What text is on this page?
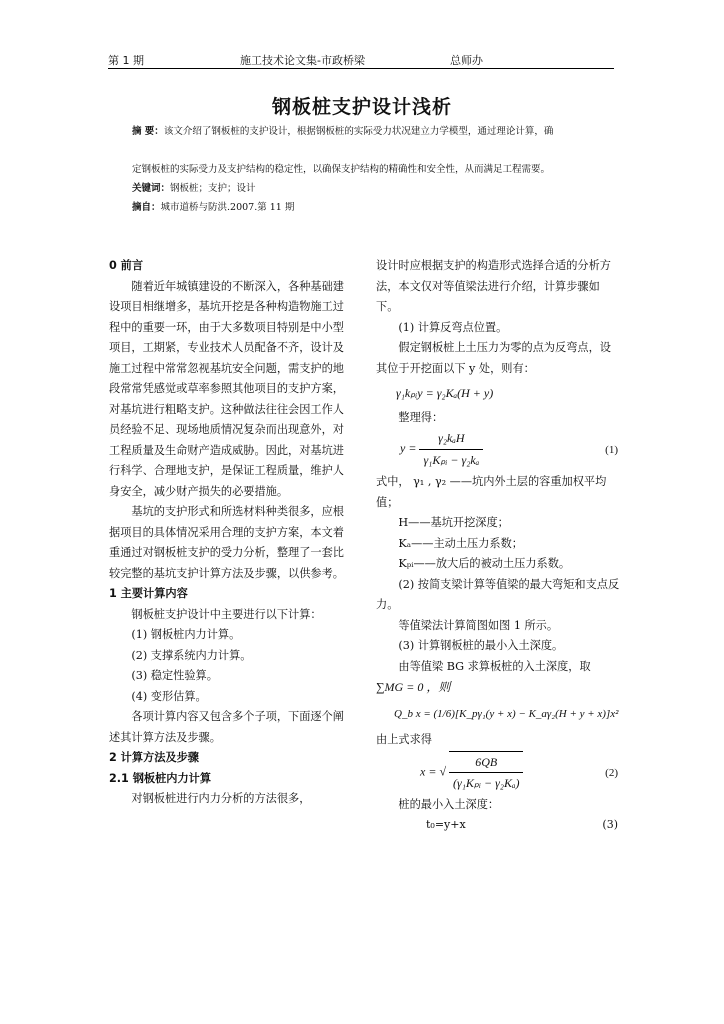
第 1 期	施工技术论文集-市政桥梁	总师办
钢板桩支护设计浅析
摘 要：该文介绍了钢板桩的支护设计，根据钢板桩的实际受力状况建立力学模型，通过理论计算，确
定钢板桩的实际受力及支护结构的稳定性，以确保支护结构的精确性和安全性，从而满足工程需要。
关键词：钢板桩；支护；设计
摘自：城市道桥与防洪.2007.第 11 期

0 前言

随着近年城镇建设的不断深入，各种基础建设项目相继增多，基坑开挖是各种构造物施工过程中的重要一环，由于大多数项目特别是中小型项目，工期紧，专业技术人员配备不齐，设计及施工过程中常常忽视基坑安全问题，需支护的地段常常凭感觉或草率参照其他项目的支护方案，对基坑进行粗略支护。这种做法往往会因工作人员经验不足、现场地质情况复杂而出现意外，对工程质量及生命财产造成威胁。因此，对基坑进行科学、合理地支护，是保证工程质量，维护人身安全，减少财产损失的必要措施。

基坑的支护形式和所选材料种类很多，应根据项目的具体情况采用合理的支护方案，本文着重通过对钢板桩支护的受力分析，整理了一套比较完整的基坑支护计算方法及步骤，以供参考。

1 主要计算内容

钢板桩支护设计中主要进行以下计算：

(1) 钢板桩内力计算。

(2) 支撑系统内力计算。

(3) 稳定性验算。

(4) 变形估算。

各项计算内容又包含多个子项，下面逐个阐述其计算方法及步骤。

2 计算方法及步骤

2.1 钢板桩内力计算

对钢板桩进行内力分析的方法很多，

设计时应根据支护的构造形式选择合适的分析方法，本文仅对等值梁法进行介绍，计算步骤如下。

(1) 计算反弯点位置。

假定钢板桩上土压力为零的点为反弯点，设其位于开挖面以下 y 处，则有：

γ₁kₚᵢy = γ₂Kₐ(H + y)

整理得：

$y = \frac{\text{γ₂kₐH}}{\text{γ₁Kₚᵢ − γ₂kₐ}}$	(1)

式中， γ₁ , γ₂ ——坑内外土层的容重加权平均值；

H——基坑开挖深度；

Kₐ——主动土压力系数；

Kₚᵢ——放大后的被动土压力系数。

(2) 按简支梁计算等值梁的最大弯矩和支点反力。

等值梁法计算简图如图 1 所示。

(3) 计算钢板桩的最小入土深度。

由等值梁 BG 求算板桩的入土深度，取

∑MG = 0 ，则

Q_b x = (1/6)[K_pγ₁(y + x) − K_aγ₂(H + y + x)]x²

由上式求得

x = √ $\frac{6QB}{\text{(γ₁Kₚᵢ − γ₂Kₐ)}}$	(2)

桩的最小入土深度：

t₀=y+x	(3)
